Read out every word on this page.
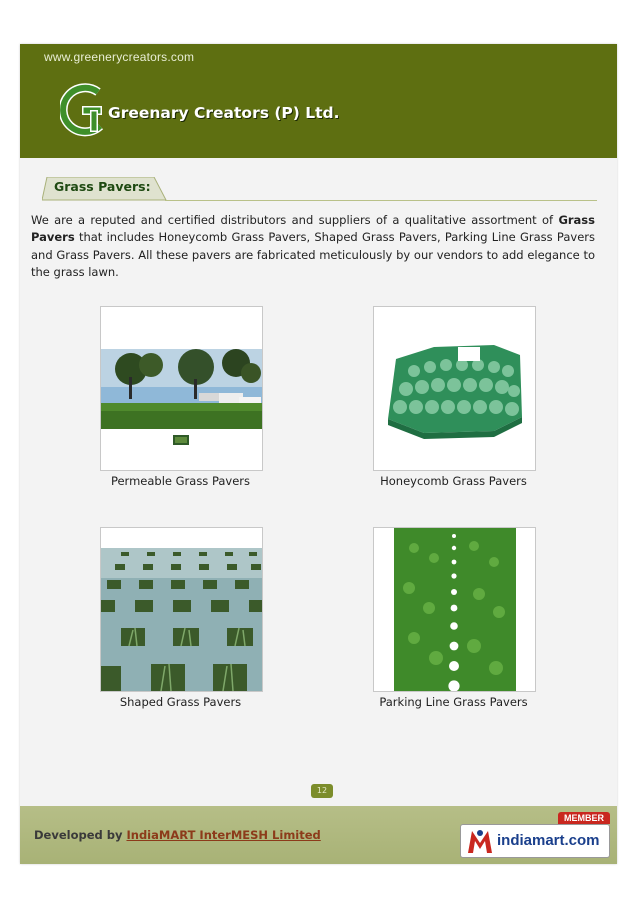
www.greenerycreators.com
Greenary Creators (P) Ltd.
Grass Pavers:
We are a reputed and certified distributors and suppliers of a qualitative assortment of Grass Pavers that includes Honeycomb Grass Pavers, Shaped Grass Pavers, Parking Line Grass Pavers and Grass Pavers. All these pavers are fabricated meticulously by our vendors to add elegance to the grass lawn.
Permeable Grass Pavers	Honeycomb Grass Pavers
Shaped Grass Pavers	Parking Line Grass Pavers
12
Developed by IndiaMART InterMESH Limited
MEMBER
indiamart.com
